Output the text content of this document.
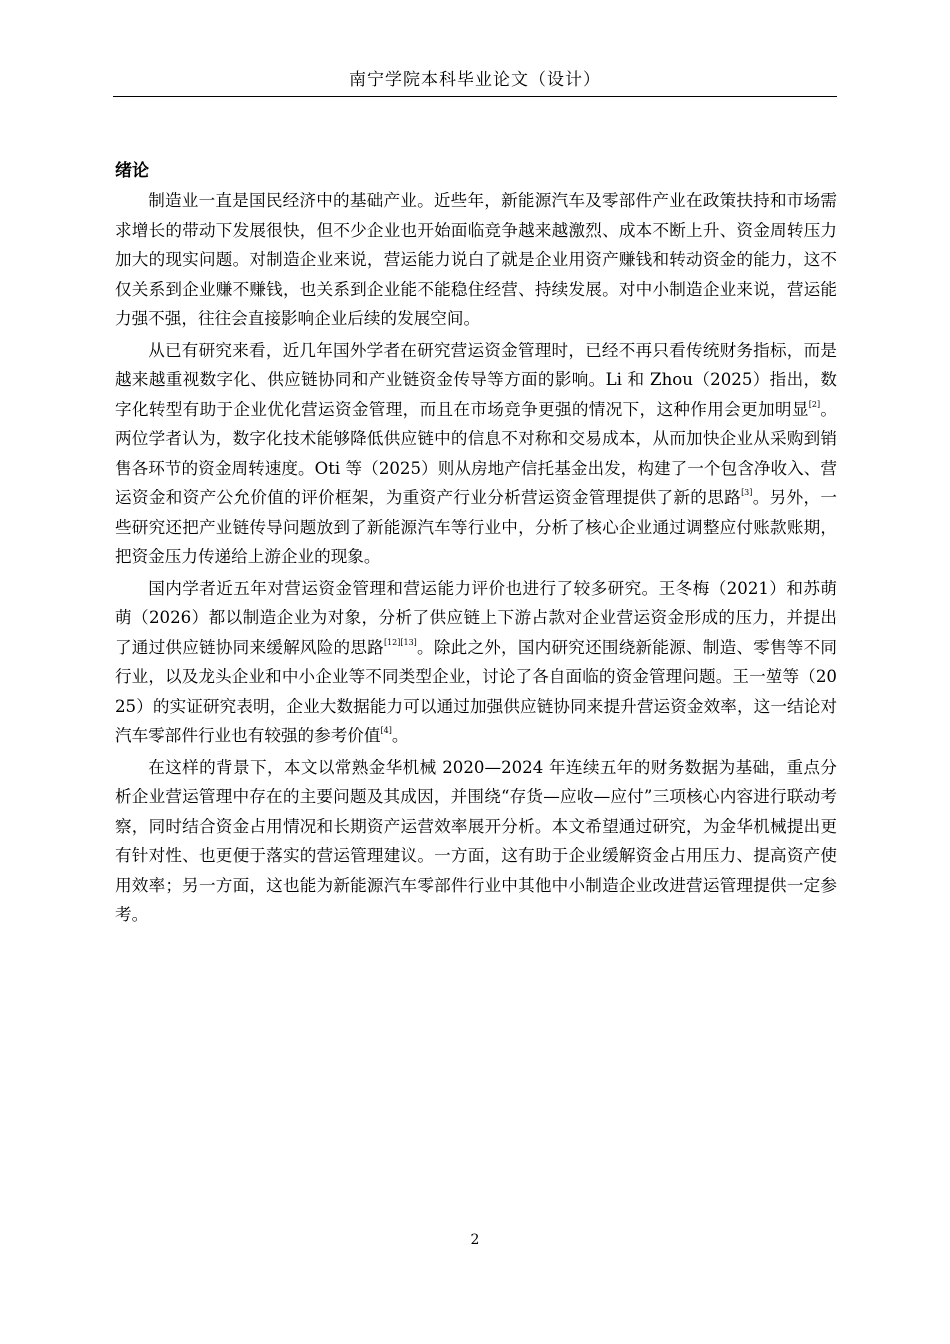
南宁学院本科毕业论文（设计）
绪论

制造业一直是国民经济中的基础产业。近些年，新能源汽车及零部件产业在政策扶持和市场需求增长的带动下发展很快，但不少企业也开始面临竞争越来越激烈、成本不断上升、资金周转压力加大的现实问题。对制造企业来说，营运能力说白了就是企业用资产赚钱和转动资金的能力，这不仅关系到企业赚不赚钱，也关系到企业能不能稳住经营、持续发展。对中小制造企业来说，营运能力强不强，往往会直接影响企业后续的发展空间。

从已有研究来看，近几年国外学者在研究营运资金管理时，已经不再只看传统财务指标，而是越来越重视数字化、供应链协同和产业链资金传导等方面的影响。Li 和 Zhou（2025）指出，数字化转型有助于企业优化营运资金管理，而且在市场竞争更强的情况下，这种作用会更加明显[2]。两位学者认为，数字化技术能够降低供应链中的信息不对称和交易成本，从而加快企业从采购到销售各环节的资金周转速度。Oti 等（2025）则从房地产信托基金出发，构建了一个包含净收入、营运资金和资产公允价值的评价框架，为重资产行业分析营运资金管理提供了新的思路[3]。另外，一些研究还把产业链传导问题放到了新能源汽车等行业中，分析了核心企业通过调整应付账款账期，把资金压力传递给上游企业的现象。

国内学者近五年对营运资金管理和营运能力评价也进行了较多研究。王冬梅（2021）和苏萌萌（2026）都以制造企业为对象，分析了供应链上下游占款对企业营运资金形成的压力，并提出了通过供应链协同来缓解风险的思路[12][13]。除此之外，国内研究还围绕新能源、制造、零售等不同行业，以及龙头企业和中小企业等不同类型企业，讨论了各自面临的资金管理问题。王一堃等（2025）的实证研究表明，企业大数据能力可以通过加强供应链协同来提升营运资金效率，这一结论对汽车零部件行业也有较强的参考价值[4]。

在这样的背景下，本文以常熟金华机械 2020—2024 年连续五年的财务数据为基础，重点分析企业营运管理中存在的主要问题及其成因，并围绕“存货—应收—应付”三项核心内容进行联动考察，同时结合资金占用情况和长期资产运营效率展开分析。本文希望通过研究，为金华机械提出更有针对性、也更便于落实的营运管理建议。一方面，这有助于企业缓解资金占用压力、提高资产使用效率；另一方面，这也能为新能源汽车零部件行业中其他中小制造企业改进营运管理提供一定参考。

2
